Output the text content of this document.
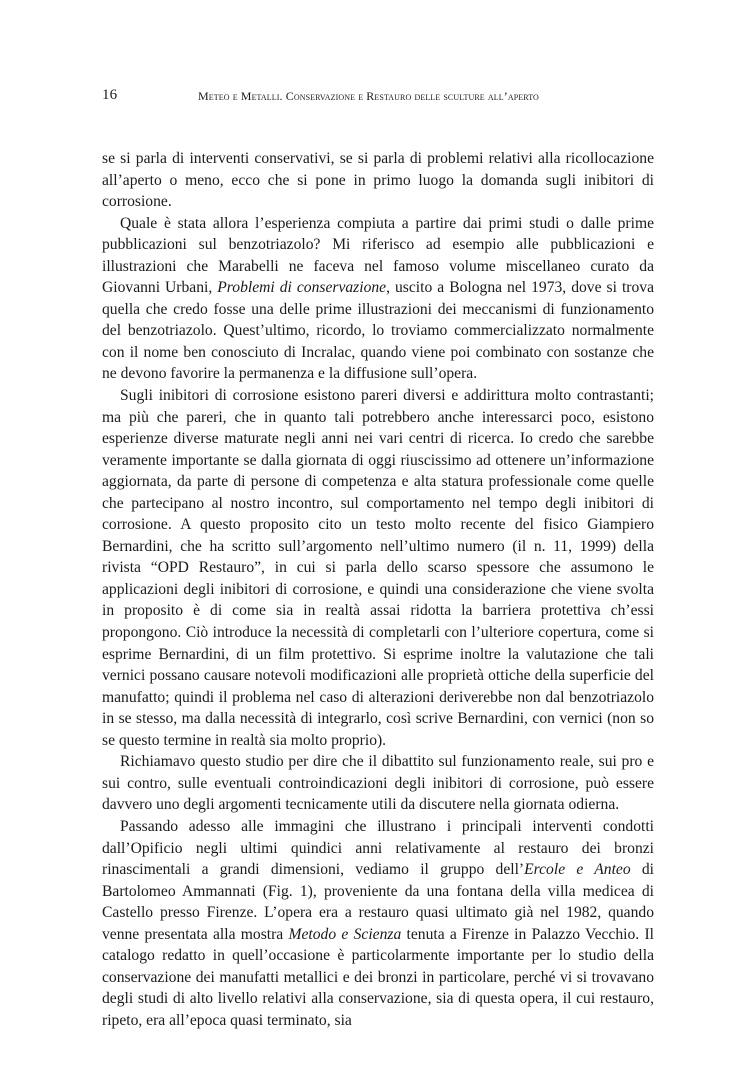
16	Meteo e Metalli. Conservazione e Restauro delle sculture all’aperto

se si parla di interventi conservativi, se si parla di problemi relativi alla ricollocazione all’aperto o meno, ecco che si pone in primo luogo la domanda sugli inibitori di corrosione.

Quale è stata allora l’esperienza compiuta a partire dai primi studi o dalle prime pubblicazioni sul benzotriazolo? Mi riferisco ad esempio alle pubblicazioni e illustrazioni che Marabelli ne faceva nel famoso volume miscellaneo curato da Giovanni Urbani, Problemi di conservazione, uscito a Bologna nel 1973, dove si trova quella che credo fosse una delle prime illustrazioni dei meccanismi di funzionamento del benzotriazolo. Quest’ultimo, ricordo, lo troviamo commercializzato normalmente con il nome ben conosciuto di Incralac, quando viene poi combinato con sostanze che ne devono favorire la permanenza e la diffusione sull’opera.

Sugli inibitori di corrosione esistono pareri diversi e addirittura molto contrastanti; ma più che pareri, che in quanto tali potrebbero anche interessarci poco, esistono esperienze diverse maturate negli anni nei vari centri di ricerca. Io credo che sarebbe veramente importante se dalla giornata di oggi riuscissimo ad ottenere un’informazione aggiornata, da parte di persone di competenza e alta statura professionale come quelle che partecipano al nostro incontro, sul comportamento nel tempo degli inibitori di corrosione. A questo proposito cito un testo molto recente del fisico Giampiero Bernardini, che ha scritto sull’argomento nell’ultimo numero (il n. 11, 1999) della rivista “OPD Restauro”, in cui si parla dello scarso spessore che assumono le applicazioni degli inibitori di corrosione, e quindi una considerazione che viene svolta in proposito è di come sia in realtà assai ridotta la barriera protettiva ch’essi propongono. Ciò introduce la necessità di completarli con l’ulteriore copertura, come si esprime Bernardini, di un film protettivo. Si esprime inoltre la valutazione che tali vernici possano causare notevoli modificazioni alle proprietà ottiche della superficie del manufatto; quindi il problema nel caso di alterazioni deriverebbe non dal benzotriazolo in se stesso, ma dalla necessità di integrarlo, così scrive Bernardini, con vernici (non so se questo termine in realtà sia molto proprio).

Richiamavo questo studio per dire che il dibattito sul funzionamento reale, sui pro e sui contro, sulle eventuali controindicazioni degli inibitori di corrosione, può essere davvero uno degli argomenti tecnicamente utili da discutere nella giornata odierna.

Passando adesso alle immagini che illustrano i principali interventi condotti dall’Opificio negli ultimi quindici anni relativamente al restauro dei bronzi rinascimentali a grandi dimensioni, vediamo il gruppo dell’Ercole e Anteo di Bartolomeo Ammannati (Fig. 1), proveniente da una fontana della villa medicea di Castello presso Firenze. L’opera era a restauro quasi ultimato già nel 1982, quando venne presentata alla mostra Metodo e Scienza tenuta a Firenze in Palazzo Vecchio. Il catalogo redatto in quell’occasione è particolarmente importante per lo studio della conservazione dei manufatti metallici e dei bronzi in particolare, perché vi si trovavano degli studi di alto livello relativi alla conservazione, sia di questa opera, il cui restauro, ripeto, era all’epoca quasi terminato, sia
